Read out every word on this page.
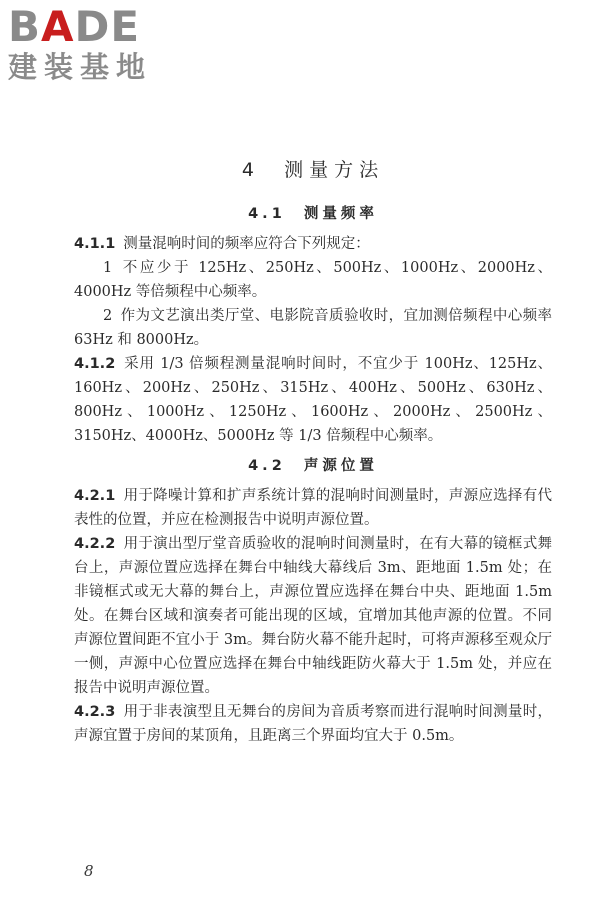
BADE
建装基地
4 测量方法
4.1 测量频率

4.1.1 测量混响时间的频率应符合下列规定：

1 不应少于 125Hz、250Hz、500Hz、1000Hz、2000Hz、4000Hz 等倍频程中心频率。

2 作为文艺演出类厅堂、电影院音质验收时，宜加测倍频程中心频率 63Hz 和 8000Hz。

4.1.2 采用 1/3 倍频程测量混响时间时，不宜少于 100Hz、125Hz、160Hz、200Hz、250Hz、315Hz、400Hz、500Hz、630Hz、800Hz、1000Hz、1250Hz、1600Hz、2000Hz、2500Hz、3150Hz、4000Hz、5000Hz 等 1/3 倍频程中心频率。

4.2 声源位置

4.2.1 用于降噪计算和扩声系统计算的混响时间测量时，声源应选择有代表性的位置，并应在检测报告中说明声源位置。

4.2.2 用于演出型厅堂音质验收的混响时间测量时，在有大幕的镜框式舞台上，声源位置应选择在舞台中轴线大幕线后 3m、距地面 1.5m 处；在非镜框式或无大幕的舞台上，声源位置应选择在舞台中央、距地面 1.5m 处。在舞台区域和演奏者可能出现的区域，宜增加其他声源的位置。不同声源位置间距不宜小于 3m。舞台防火幕不能升起时，可将声源移至观众厅一侧，声源中心位置应选择在舞台中轴线距防火幕大于 1.5m 处，并应在报告中说明声源位置。

4.2.3 用于非表演型且无舞台的房间为音质考察而进行混响时间测量时，声源宜置于房间的某顶角，且距离三个界面均宜大于 0.5m。

8
